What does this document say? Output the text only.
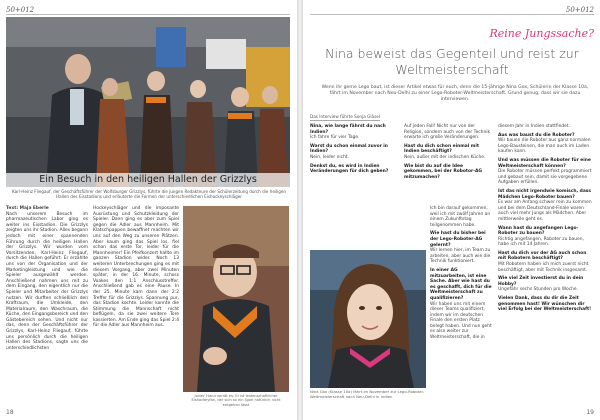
50+012
Ein Besuch in den heiligen Hallen der Grizzlys
Karl-Heinz Fliegauf, der Geschäftsführer der Wolfsburger Grizzlys, führte die jungen Redakteure der Schülerzeitung durch die heiligen Hallen des Eisstadions und erläuterte die Formen der unterschiedlichen Eishockeyschläger
Text: Maja Eberle
Nach unserem Besuch im pharmazeutischen Labor ging es weiter ins Eisstadion. Die Grizzlys zeigten uns ihr Stadion. Alles begann jedoch mit einer spannenden Führung durch die heiligen Hallen der Grizzlys. Wir wurden vom Vorsitzenden, Karl-Heinz Fliegauf, durch die Hallen geführt. Er erzählte uns von der Organisation und der Marketingleistung und wie die Spieler ausgewählt werden. Anschließend nahmen uns mit zu dem Eingang, den eigentlich nur die Spieler und Mitarbeiter der Grizzlys nutzen. Wir durften schließlich den Kraftraum, die Umkleide, den Materialraum, den Waschraum, die Küche, den Eingangsbereich und den Gästebereich sehen. Und nicht nur das, denn der Geschäftsführer der Grizzlys, Karl-Heinz Fliegauf, führte uns persönlich durch die heiligen Hallen des Stadions, sagte uns die unterschiedlichsten
Hockeyschläger und die imposante Ausrüstung und Schutzkleidung der Spieler. Dann ging es aber zum Spiel gegen die Adler aus Mannheim. Mit Klatschpappen bewaffnet machten wir uns auf den Weg zu unseren Plätzen. Aber kaum ging das Spiel los, fiel schon das erste Tor, leider für die Mannheimer! Ein Pfeifkonzert hallte im ganzen Stadion wider. Noch 13 weiteren Unterbrechungen ging es mit diesem Vorgang, aber zwei Minuten später, in der 16. Minute, schoss Voakes den 1:1 Anschlusstreffer. Anschließend gab es eine Pause. In der 25. Minute kam dann der 2:2 Treffer für die Grizzlys. Spannung pur, das Stadion kochte. Leider konnte die Stimmung die Mannschaft nicht beflügeln, da sie zwei weitere Tore kassierten. Am Ende ging das Spiel 2:4 für die Adler aus Mannheim aus.
Jonas' Hand verrät es: Er ist leidenschaftlicher Eishockeyfan, der sich so ein Spiel natürlich nicht entgehen lässt
18
50+012
Reine Jungssache?
Nina beweist das Gegenteil und reist zur Weltmeisterschaft
Wenn ihr gerne Lego baut, ist dieser Artikel etwas für euch, denn die 15-jährige Nina Gox, Schülerin der Klasse 10a, fährt im November nach Neu-Delhi zu einer Lego-Roboter-Weltmeisterschaft. Grund genug, dass wir sie dazu interviewen.
Das Interview führte Sonja Gläsel

Nina, wie lange fährst du nach Indien?
Ich fahre für vier Tage.

Warst du schon einmal zuvor in Indien?
Nein, leider nicht.

Denkst du, es wird in Indien Veränderungen für dich geben?

Auf jeden Fall! Nicht nur von der Religion, sondern auch von der Technik erwarte ich große Veränderungen.

Hast du dich schon einmal mit Indien beschäftigt?
Nein, außer mit der indischen Küche.

Wie bist du auf die Idee gekommen, bei der Robotor-AG mitzumachen?

Ich bin darauf gekommen, weil ich mit zwölf Jahren an einem Zukunftstag teilgenommen habe.

Wie hast du bisher bei der Lego-Roboter-AG gelernt?
Wir lernen hier, im Team zu arbeiten, aber auch wie die Technik funktioniert.

In einer AG mitzuarbeiten, ist eine Sache. Aber wie hast du es geschafft, dich für die Weltmeisterschaft zu qualifizieren?
Wir haben uns mit einem dieser Teams qualifiziert, indem wir im deutschen Finale den ersten Platz belegt haben. Und nun geht es also weiter zur Weltmeisterschaft, die in

diesem Jahr in Indien stattfindet.

Aus was baust du die Roboter?
Wir bauen die Roboter aus ganz normalen Lego-Bausteinen, die man auch im Laden kaufen kann.

Und was müssen die Roboter für eine Weltmeisterschaft können?
Die Roboter müssen perfekt programmiert und gebaut sein, damit sie vorgegebene Aufgaben erfüllen.

Ist das nicht irgendwie komisch, dass Mädchen Lego-Roboter bauen?
Es war am Anfang schwer rein zu kommen und bei dem Deutschland-Finale waren auch viel mehr Jungs als Mädchen. Aber mittlerweile geht es.

Wann hast du angefangen Lego-Roboter zu bauen?
Richtig angefangen, Roboter zu bauen, habe ich mit 14 Jahren.

Hast du dich vor der AG auch schon mit Robotern beschäftigt?
Mit Robotern haben ich mich zuerst nicht beschäftigt, aber mit Technik insgesamt.

Wie viel Zeit investierst du in dein Hobby?
Ungefähr sechs Stunden pro Woche.

Vielen Dank, dass du dir die Zeit genommen hast! Wir wünschen dir viel Erfolg bei der Weltmeisterschaft!

Nina Gox (Klasse 10a) fährt im November zur Lego-Roboter-Weltmeisterschaft nach Neu-Delhi in Indien
19
